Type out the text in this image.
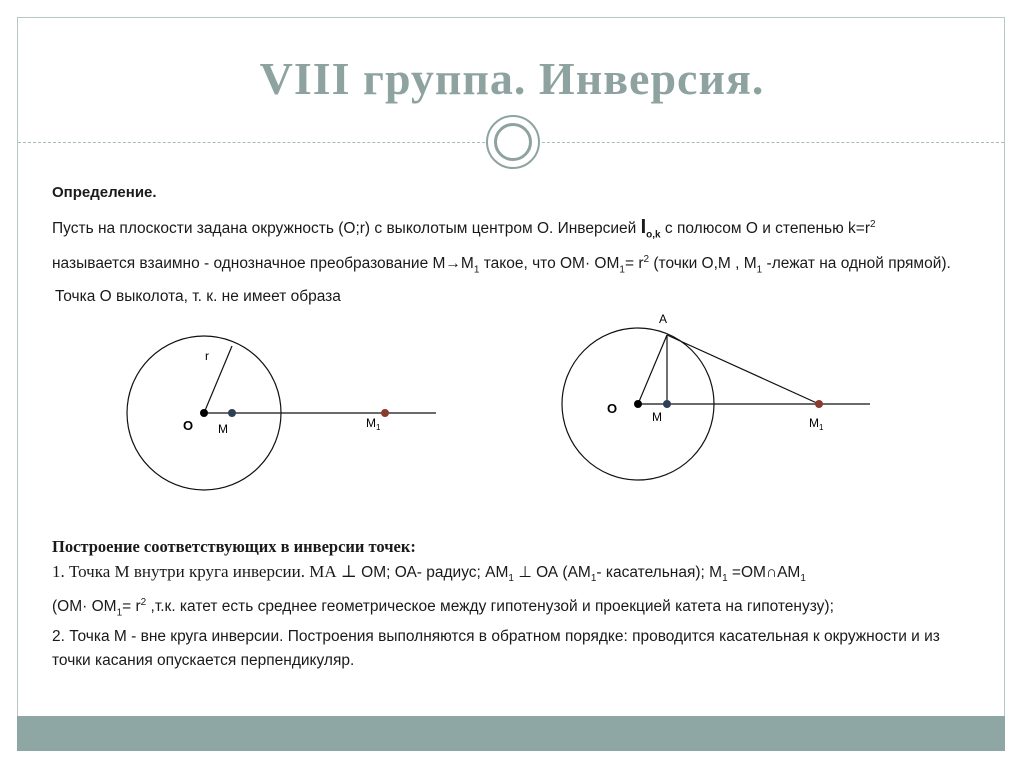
VIII группа. Инверсия.
Определение.
Пусть на плоскости задана окружность (О;r) с выколотым центром О. Инверсией $I_{o,k}$ с полюсом О и степенью $k=r^2$ называется взаимно - однозначное преобразование $М\to М_1$ такое, что $ОМ\cdot ОМ_1= r^2$ (точки О,М , $М_1$ -лежат на одной прямой).
Точка О выколота, т. к. не имеет образа
r
O M	$M_1$
A
O
M	$M_1$
Построение соответствующих в инверсии точек:
1. Точка М внутри круга инверсии. МА ⊥ ОМ; ОА- радиус; $АМ_1$ ⊥ ОА ($АМ_1-$ касательная); $М_1$ $=ОМ\cap АМ_1$
($ОМ\cdot ОМ_1= r^2$ ,т.к. катет есть среднее геометрическое между гипотенузой и проекцией катета на гипотенузу);
2. Точка М - вне круга инверсии. Построения выполняются в обратном порядке: проводится касательная к окружности и из точки касания опускается перпендикуляр.
